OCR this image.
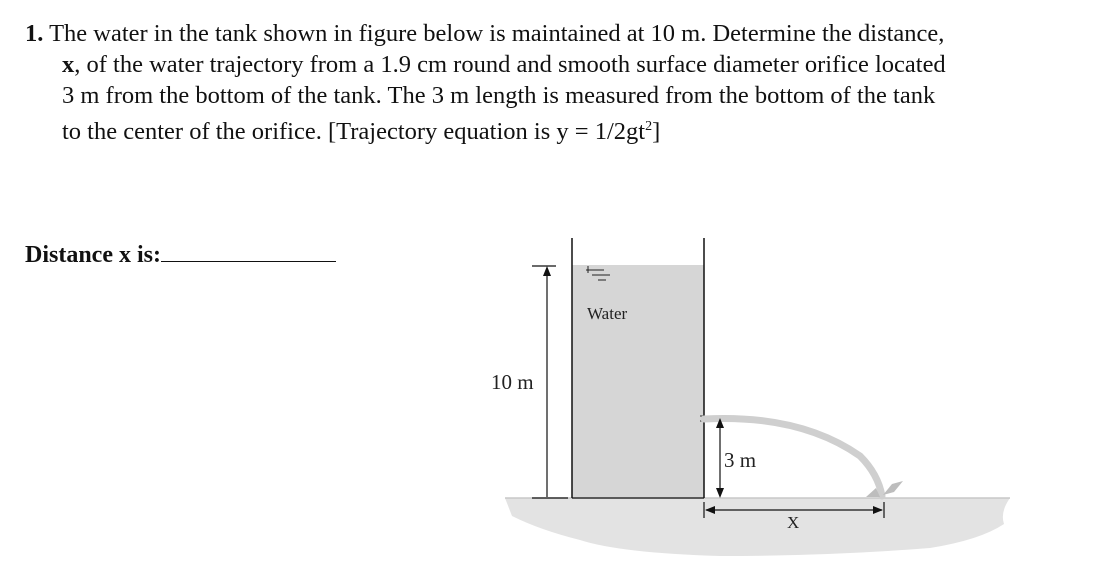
1. The water in the tank shown in figure below is maintained at 10 m. Determine the distance,
x, of the water trajectory from a 1.9 cm round and smooth surface diameter orifice located
3 m from the bottom of the tank. The 3 m length is measured from the bottom of the tank
to the center of the orifice. [Trajectory equation is $y = 1/2gt^2$]
Distance x is:
Water
10 m
3 m
X
